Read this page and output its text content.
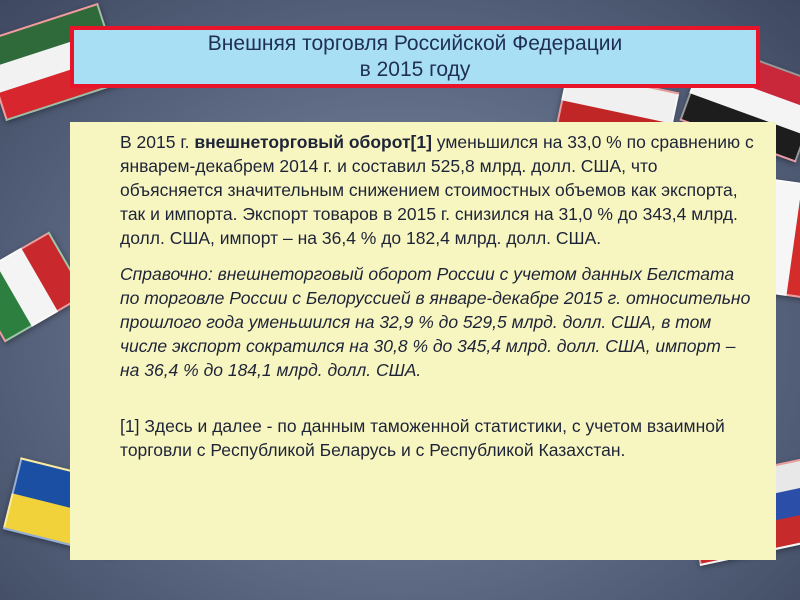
Внешняя торговля Российской Федерации
в 2015 году

В 2015 г. внешнеторговый оборот[1] уменьшился на 33,0 % по сравнению с январем-декабрем 2014 г. и составил 525,8 млрд. долл. США, что объясняется значительным снижением стоимостных объемов как экспорта, так и импорта. Экспорт товаров в 2015 г. снизился на 31,0 % до 343,4 млрд. долл. США, импорт – на 36,4 % до 182,4 млрд. долл. США.

Справочно: внешнеторговый оборот России с учетом данных Белстата по торговле России с Белоруссией в январе-декабре 2015 г. относительно прошлого года уменьшился на 32,9 % до 529,5 млрд. долл. США, в том числе экспорт сократился на 30,8 % до 345,4 млрд. долл. США, импорт – на 36,4 % до 184,1 млрд. долл. США.

[1] Здесь и далее - по данным таможенной статистики, с учетом взаимной торговли с Республикой Беларусь и с Республикой Казахстан.
